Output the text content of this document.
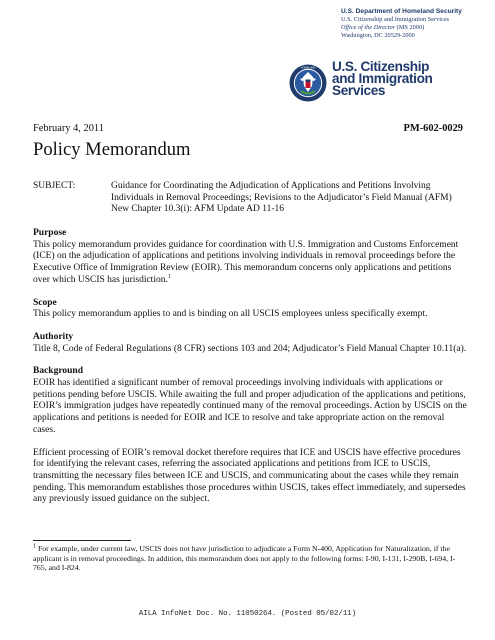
U.S. Department of Homeland Security
U.S. Citizenship and Immigration Services
Office of the Director (MS 2000)
Washington, DC 20529-2000
HOMELAND U.S. Citizenship
and Immigration
Services
February 4, 2011	PM-602-0029
Policy Memorandum
SUBJECT:	Guidance for Coordinating the Adjudication of Applications and Petitions Involving Individuals in Removal Proceedings; Revisions to the Adjudicator’s Field Manual (AFM) New Chapter 10.3(i): AFM Update AD 11-16
Purpose

This policy memorandum provides guidance for coordination with U.S. Immigration and Customs Enforcement (ICE) on the adjudication of applications and petitions involving individuals in removal proceedings before the Executive Office of Immigration Review (EOIR). This memorandum concerns only applications and petitions over which USCIS has jurisdiction.$^1$

Scope

This policy memorandum applies to and is binding on all USCIS employees unless specifically exempt.

Authority

Title 8, Code of Federal Regulations (8 CFR) sections 103 and 204; Adjudicator’s Field Manual Chapter 10.11(a).

Background

EOIR has identified a significant number of removal proceedings involving individuals with applications or petitions pending before USCIS. While awaiting the full and proper adjudication of the applications and petitions, EOIR’s immigration judges have repeatedly continued many of the removal proceedings. Action by USCIS on the applications and petitions is needed for EOIR and ICE to resolve and take appropriate action on the removal cases.

Efficient processing of EOIR’s removal docket therefore requires that ICE and USCIS have effective procedures for identifying the relevant cases, referring the associated applications and petitions from ICE to USCIS, transmitting the necessary files between ICE and USCIS, and communicating about the cases while they remain pending. This memorandum establishes those procedures within USCIS, takes effect immediately, and supersedes any previously issued guidance on the subject.

$^1$ For example, under current law, USCIS does not have jurisdiction to adjudicate a Form N-400, Application for Naturalization, if the applicant is in removal proceedings. In addition, this memorandum does not apply to the following forms: I-90, I-131, I-290B, I-694, I-765, and I-824.
AILA InfoNet Doc. No. 11050264. (Posted 05/02/11)
